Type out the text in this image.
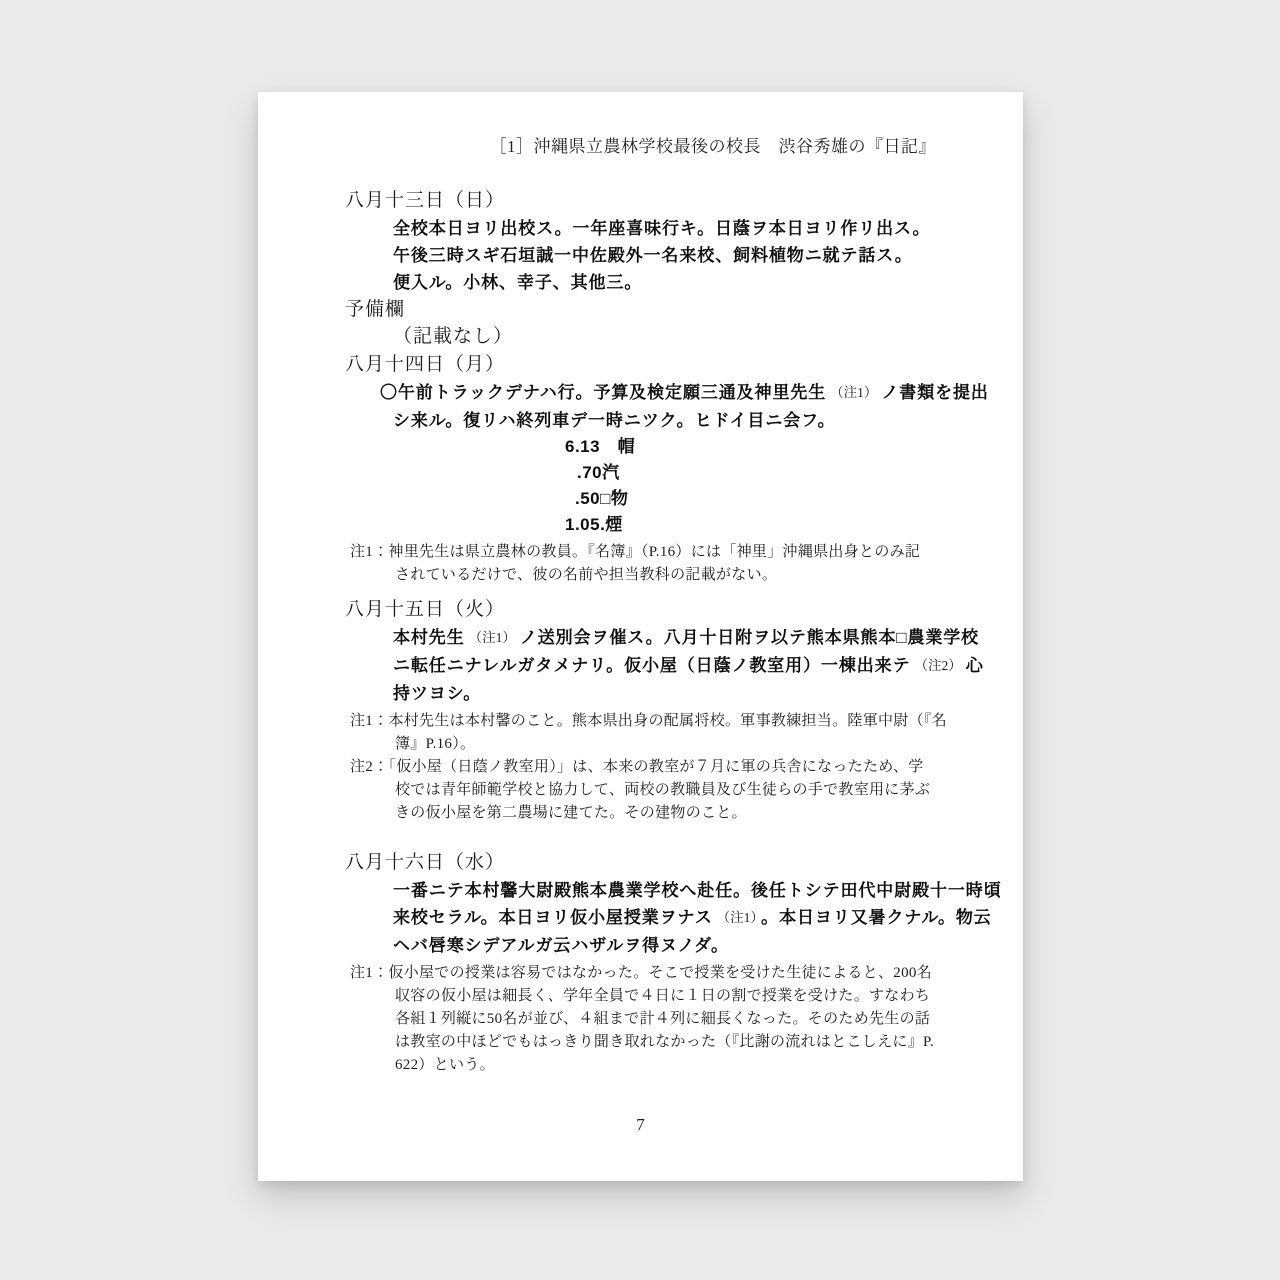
［1］沖縄県立農林学校最後の校長　渋谷秀雄の『日記』
八月十三日（日）
全校本日ヨリ出校ス。一年座喜味行キ。日蔭ヲ本日ヨリ作リ出ス。
午後三時スギ石垣誠一中佐殿外一名来校、飼料植物ニ就テ話ス。
便入ル。小林、幸子、其他三。
予備欄
（記載なし）
八月十四日（月）
〇午前トラックデナハ行。予算及検定願三通及神里先生 （注1） ノ書類を提出
シ来ル。復リハ終列車デ一時ニツク。ヒドイ目ニ会フ。
6.13　帽
.70汽
.50□物
1.05.煙
注1：神里先生は県立農林の教員。『名簿』（P.16）には「神里」沖縄県出身とのみ記
されているだけで、彼の名前や担当教科の記載がない。
八月十五日（火）
本村先生 （注1） ノ送別会ヲ催ス。八月十日附ヲ以テ熊本県熊本□農業学校
ニ転任ニナレルガタメナリ。仮小屋（日蔭ノ教室用）一棟出来テ （注2） 心
持ツヨシ。
注1：本村先生は本村馨のこと。熊本県出身の配属将校。軍事教練担当。陸軍中尉（『名
簿』P.16）。
注2：「仮小屋（日蔭ノ教室用）」は、本来の教室が７月に軍の兵舎になったため、学
校では青年師範学校と協力して、両校の教職員及び生徒らの手で教室用に茅ぶ
きの仮小屋を第二農場に建てた。その建物のこと。
八月十六日（水）
一番ニテ本村馨大尉殿熊本農業学校へ赴任。後任トシテ田代中尉殿十一時頃
来校セラル。本日ヨリ仮小屋授業ヲナス （注1） 。本日ヨリ又暑クナル。物云
ヘバ唇寒シデアルガ云ハザルヲ得ヌノダ。
注1：仮小屋での授業は容易ではなかった。そこで授業を受けた生徒によると、200名
収容の仮小屋は細長く、学年全員で４日に１日の割で授業を受けた。すなわち
各組１列縦に50名が並び、４組まで計４列に細長くなった。そのため先生の話
は教室の中ほどでもはっきり聞き取れなかった（『比謝の流れはとこしえに』P.
622）という。
7
